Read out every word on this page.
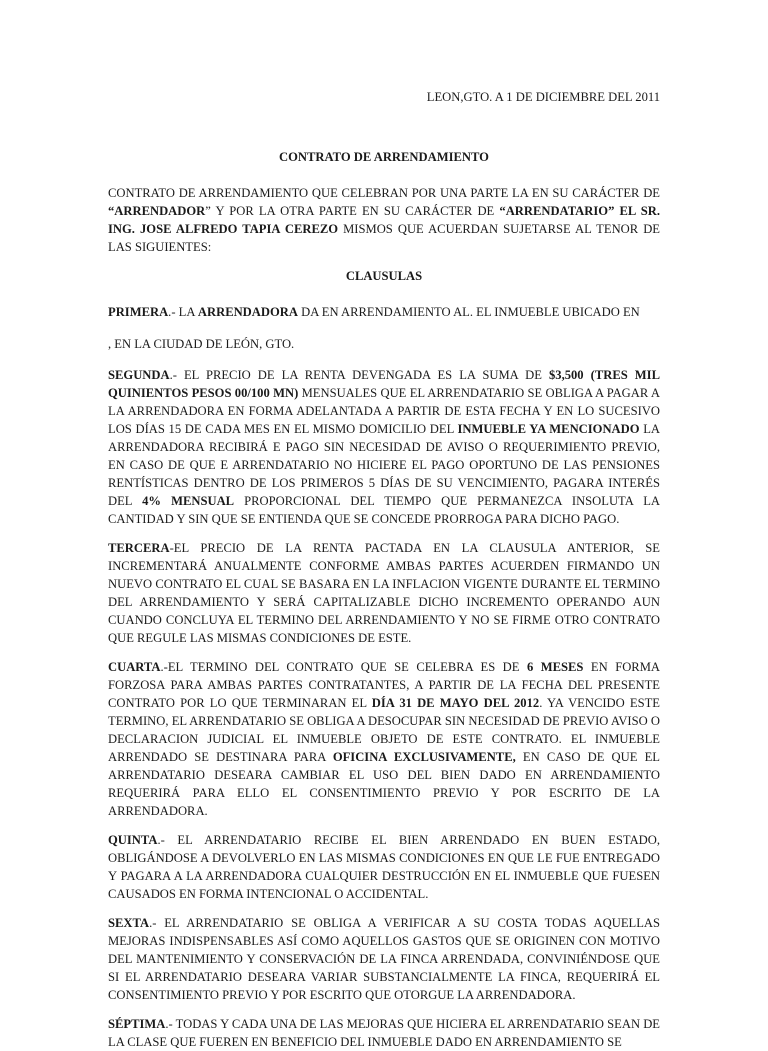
LEON,GTO. A 1 DE DICIEMBRE DEL 2011
CONTRATO DE ARRENDAMIENTO

CONTRATO DE ARRENDAMIENTO QUE CELEBRAN POR UNA PARTE LA EN SU CARÁCTER DE “ARRENDADOR” Y POR LA OTRA PARTE EN SU CARÁCTER DE “ARRENDATARIO” EL SR. ING. JOSE ALFREDO TAPIA CEREZO MISMOS QUE ACUERDAN SUJETARSE AL TENOR DE LAS SIGUIENTES:

CLAUSULAS

PRIMERA.- LA ARRENDADORA DA EN ARRENDAMIENTO AL. EL INMUEBLE UBICADO EN

, EN LA CIUDAD DE LEÓN, GTO.

SEGUNDA.- EL PRECIO DE LA RENTA DEVENGADA ES LA SUMA DE $3,500 (TRES MIL QUINIENTOS PESOS 00/100 MN) MENSUALES QUE EL ARRENDATARIO SE OBLIGA A PAGAR A LA ARRENDADORA EN FORMA ADELANTADA A PARTIR DE ESTA FECHA Y EN LO SUCESIVO LOS DÍAS 15 DE CADA MES EN EL MISMO DOMICILIO DEL INMUEBLE YA MENCIONADO LA ARRENDADORA RECIBIRÁ E PAGO SIN NECESIDAD DE AVISO O REQUERIMIENTO PREVIO, EN CASO DE QUE E ARRENDATARIO NO HICIERE EL PAGO OPORTUNO DE LAS PENSIONES RENTÍSTICAS DENTRO DE LOS PRIMEROS 5 DÍAS DE SU VENCIMIENTO, PAGARA INTERÉS DEL 4% MENSUAL PROPORCIONAL DEL TIEMPO QUE PERMANEZCA INSOLUTA LA CANTIDAD Y SIN QUE SE ENTIENDA QUE SE CONCEDE PRORROGA PARA DICHO PAGO.

TERCERA-EL PRECIO DE LA RENTA PACTADA EN LA CLAUSULA ANTERIOR, SE INCREMENTARÁ ANUALMENTE CONFORME AMBAS PARTES ACUERDEN FIRMANDO UN NUEVO CONTRATO EL CUAL SE BASARA EN LA INFLACION VIGENTE DURANTE EL TERMINO DEL ARRENDAMIENTO Y SERÁ CAPITALIZABLE DICHO INCREMENTO OPERANDO AUN CUANDO CONCLUYA EL TERMINO DEL ARRENDAMIENTO Y NO SE FIRME OTRO CONTRATO QUE REGULE LAS MISMAS CONDICIONES DE ESTE.

CUARTA.-EL TERMINO DEL CONTRATO QUE SE CELEBRA ES DE 6 MESES EN FORMA FORZOSA PARA AMBAS PARTES CONTRATANTES, A PARTIR DE LA FECHA DEL PRESENTE CONTRATO POR LO QUE TERMINARAN EL DÍA 31 DE MAYO DEL 2012. YA VENCIDO ESTE TERMINO, EL ARRENDATARIO SE OBLIGA A DESOCUPAR SIN NECESIDAD DE PREVIO AVISO O DECLARACION JUDICIAL EL INMUEBLE OBJETO DE ESTE CONTRATO. EL INMUEBLE ARRENDADO SE DESTINARA PARA OFICINA EXCLUSIVAMENTE, EN CASO DE QUE EL ARRENDATARIO DESEARA CAMBIAR EL USO DEL BIEN DADO EN ARRENDAMIENTO REQUERIRÁ PARA ELLO EL CONSENTIMIENTO PREVIO Y POR ESCRITO DE LA ARRENDADORA.

QUINTA.- EL ARRENDATARIO RECIBE EL BIEN ARRENDADO EN BUEN ESTADO, OBLIGÁNDOSE A DEVOLVERLO EN LAS MISMAS CONDICIONES EN QUE LE FUE ENTREGADO Y PAGARA A LA ARRENDADORA CUALQUIER DESTRUCCIÓN EN EL INMUEBLE QUE FUESEN CAUSADOS EN FORMA INTENCIONAL O ACCIDENTAL.

SEXTA.- EL ARRENDATARIO SE OBLIGA A VERIFICAR A SU COSTA TODAS AQUELLAS MEJORAS INDISPENSABLES ASÍ COMO AQUELLOS GASTOS QUE SE ORIGINEN CON MOTIVO DEL MANTENIMIENTO Y CONSERVACIÓN DE LA FINCA ARRENDADA, CONVINIÉNDOSE QUE SI EL ARRENDATARIO DESEARA VARIAR SUBSTANCIALMENTE LA FINCA, REQUERIRÁ EL CONSENTIMIENTO PREVIO Y POR ESCRITO QUE OTORGUE LA ARRENDADORA.

SÉPTIMA.- TODAS Y CADA UNA DE LAS MEJORAS QUE HICIERA EL ARRENDATARIO SEAN DE LA CLASE QUE FUEREN EN BENEFICIO DEL INMUEBLE DADO EN ARRENDAMIENTO SE
